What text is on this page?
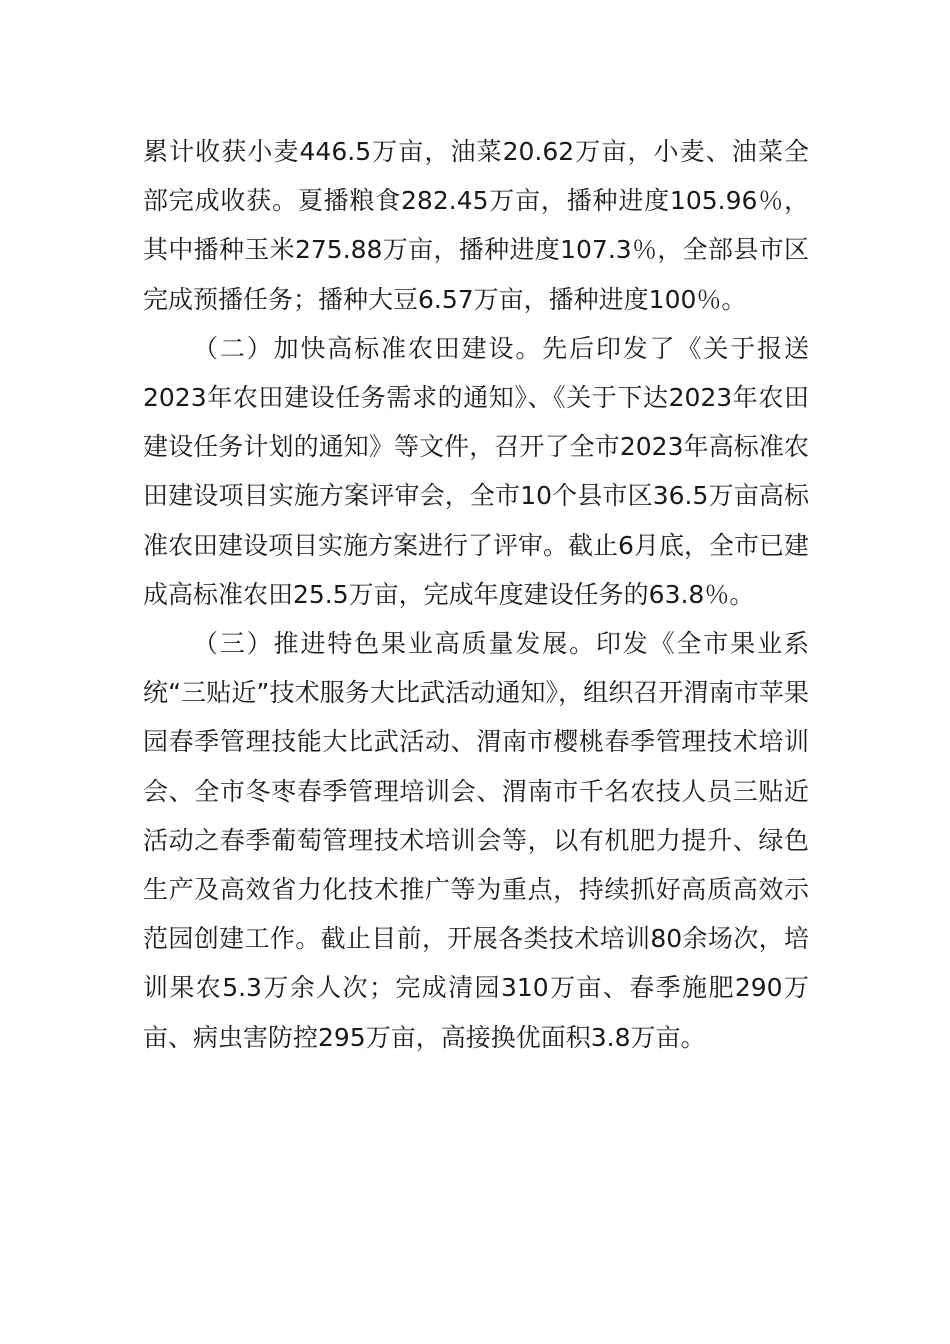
累计收获小麦446.5万亩，油菜20.62万亩，小麦、油菜全部完成收获。夏播粮食282.45万亩，播种进度105.96％，其中播种玉米275.88万亩，播种进度107.3％，全部县市区完成预播任务；播种大豆6.57万亩，播种进度100％。

（二）加快高标准农田建设。先后印发了《关于报送2023年农田建设任务需求的通知》、《关于下达2023年农田建设任务计划的通知》等文件，召开了全市2023年高标准农田建设项目实施方案评审会，全市10个县市区36.5万亩高标准农田建设项目实施方案进行了评审。截止6月底，全市已建成高标准农田25.5万亩，完成年度建设任务的63.8％。

（三）推进特色果业高质量发展。印发《全市果业系统“三贴近”技术服务大比武活动通知》，组织召开渭南市苹果园春季管理技能大比武活动、渭南市樱桃春季管理技术培训会、全市冬枣春季管理培训会、渭南市千名农技人员三贴近活动之春季葡萄管理技术培训会等，以有机肥力提升、绿色生产及高效省力化技术推广等为重点，持续抓好高质高效示范园创建工作。截止目前，开展各类技术培训80余场次，培训果农5.3万余人次；完成清园310万亩、春季施肥290万亩、病虫害防控295万亩，高接换优面积3.8万亩。
